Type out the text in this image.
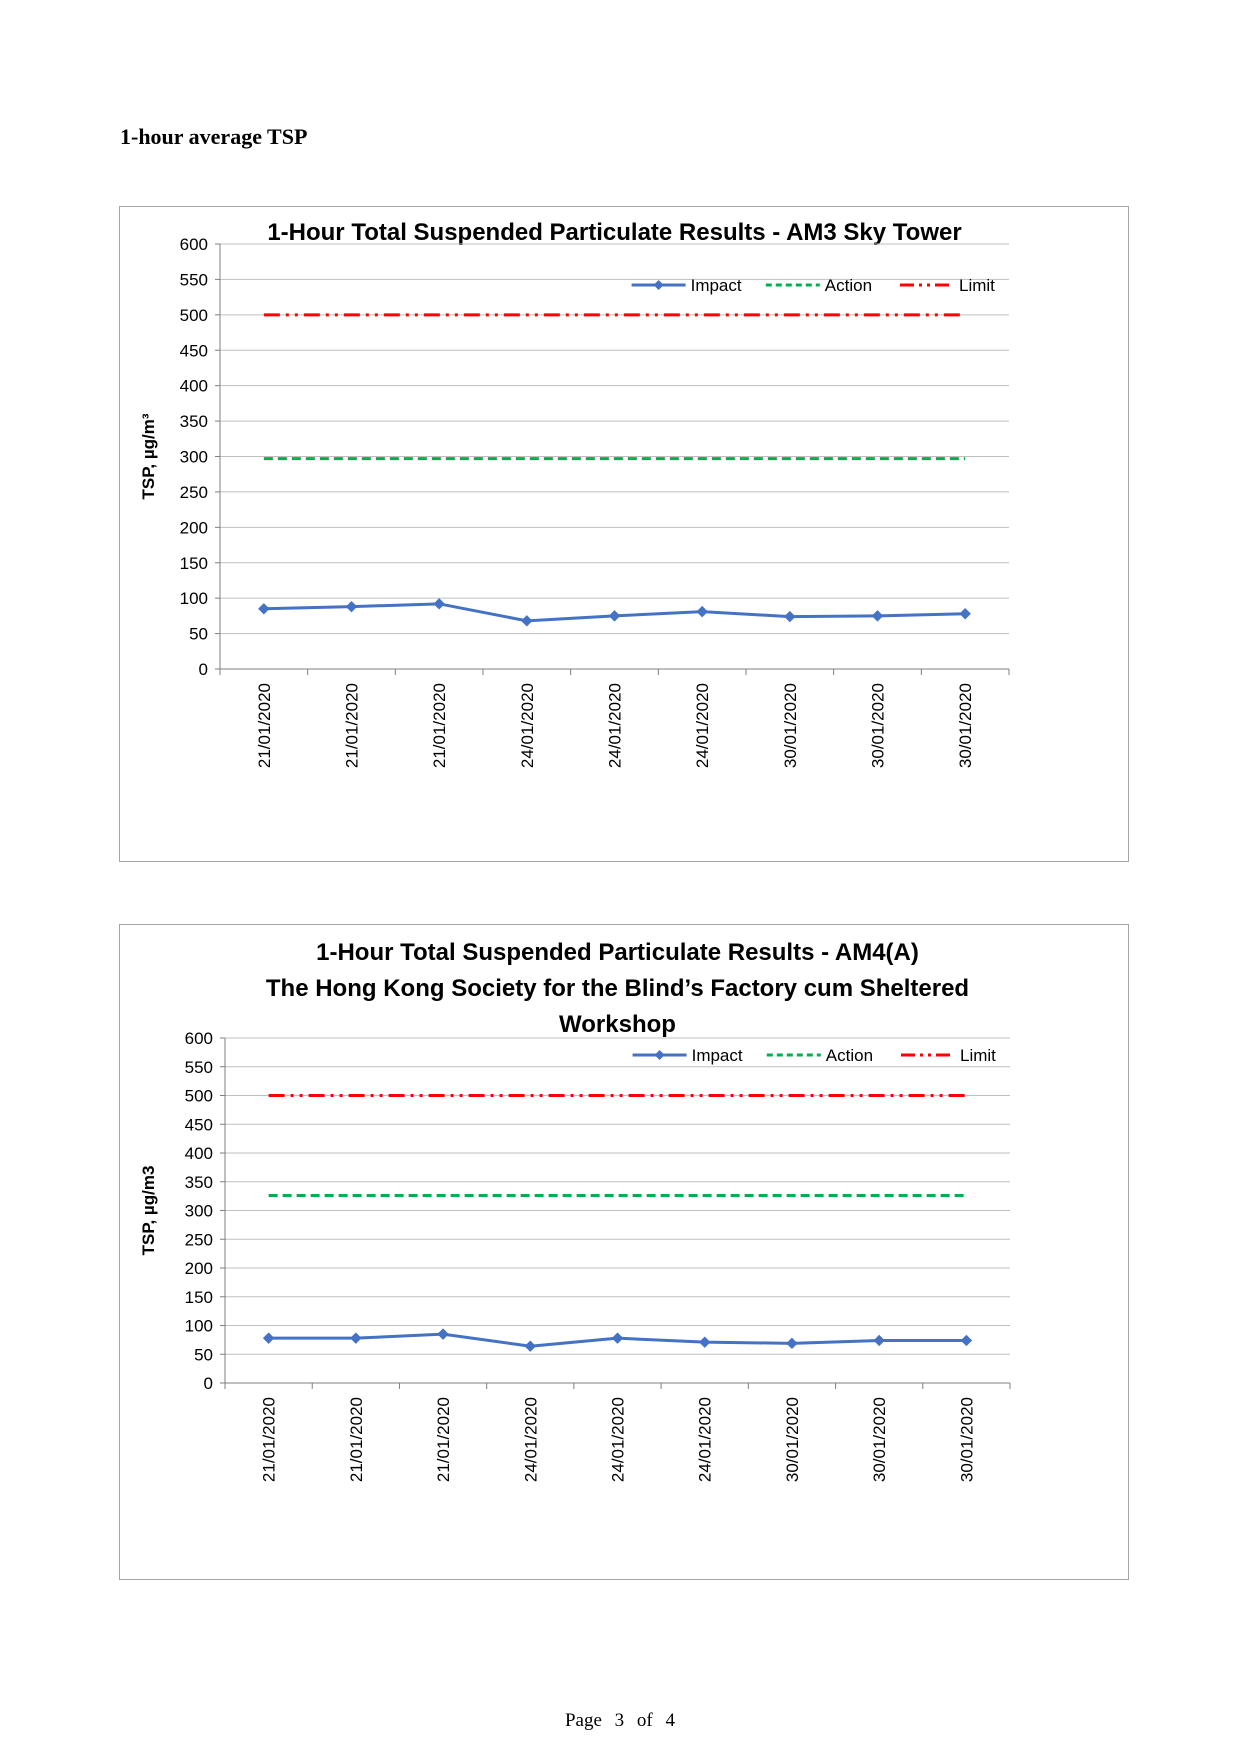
1-hour average TSP
1-Hour Total Suspended Particulate Results - AM3 Sky Tower
0
50
100
150
200
250
300
350
400
450
500
550
600
TSP, µg/m³
21/01/2020	21/01/2020	21/01/2020	24/01/2020	24/01/2020	24/01/2020	30/01/2020	30/01/2020	30/01/2020
Limit
Action
Impact
1-Hour Total Suspended Particulate Results - AM4(A)
The Hong Kong Society for the Blind’s Factory cum Sheltered
Workshop
0
50
100
150
200
250
300
350
400
450
500
550
600
TSP, µg/m3
21/01/2020	21/01/2020	21/01/2020	24/01/2020	24/01/2020	24/01/2020	30/01/2020	30/01/2020	30/01/2020
Limit
Action
Impact
Page 3 of 4
